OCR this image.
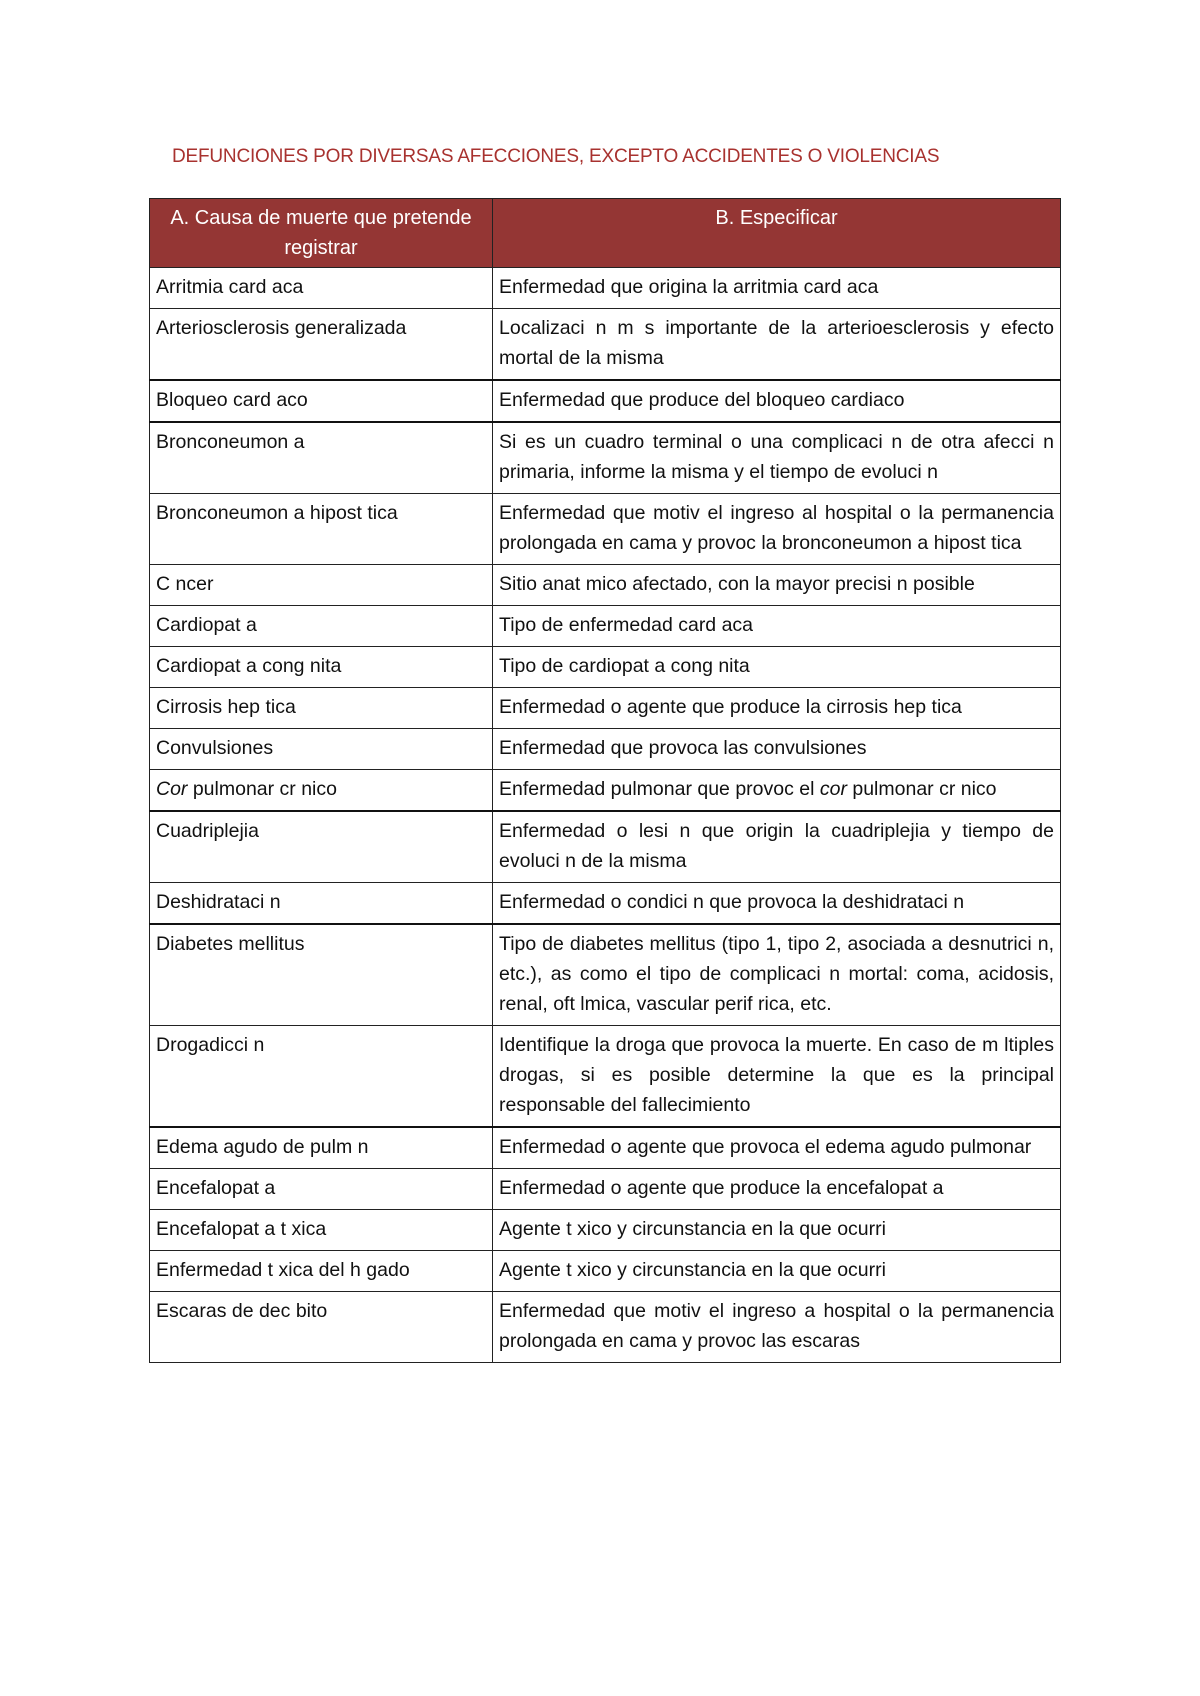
DEFUNCIONES POR DIVERSAS AFECCIONES, EXCEPTO ACCIDENTES O VIOLENCIAS
A. Causa de muerte que pretende registrar	B. Especificar
Arritmia card aca	Enfermedad que origina la arritmia card aca
Arteriosclerosis generalizada	Localizaci n m s importante de la arterioesclerosis y efecto mortal de la misma
Bloqueo card aco	Enfermedad que produce del bloqueo cardiaco
Bronconeumon a	Si es un cuadro terminal o una complicaci n de otra afecci n primaria, informe la misma y el tiempo de evoluci n
Bronconeumon a hipost tica	Enfermedad que motiv el ingreso al hospital o la permanencia prolongada en cama y provoc la bronconeumon a hipost tica
C ncer	Sitio anat mico afectado, con la mayor precisi n posible
Cardiopat a	Tipo de enfermedad card aca
Cardiopat a cong nita	Tipo de cardiopat a cong nita
Cirrosis hep tica	Enfermedad o agente que produce la cirrosis hep tica
Convulsiones	Enfermedad que provoca las convulsiones
Cor pulmonar cr nico	Enfermedad pulmonar que provoc el cor pulmonar cr nico
Cuadriplejia	Enfermedad o lesi n que origin la cuadriplejia y tiempo de evoluci n de la misma
Deshidrataci n	Enfermedad o condici n que provoca la deshidrataci n
Diabetes mellitus	Tipo de diabetes mellitus (tipo 1, tipo 2, asociada a desnutrici n, etc.), as como el tipo de complicaci n mortal: coma, acidosis, renal, oft lmica, vascular perif rica, etc.
Drogadicci n	Identifique la droga que provoca la muerte. En caso de m ltiples drogas, si es posible determine la que es la principal responsable del fallecimiento
Edema agudo de pulm n	Enfermedad o agente que provoca el edema agudo pulmonar
Encefalopat a	Enfermedad o agente que produce la encefalopat a
Encefalopat a t xica	Agente t xico y circunstancia en la que ocurri
Enfermedad t xica del h gado	Agente t xico y circunstancia en la que ocurri
Escaras de dec bito	Enfermedad que motiv el ingreso a hospital o la permanencia prolongada en cama y provoc las escaras
